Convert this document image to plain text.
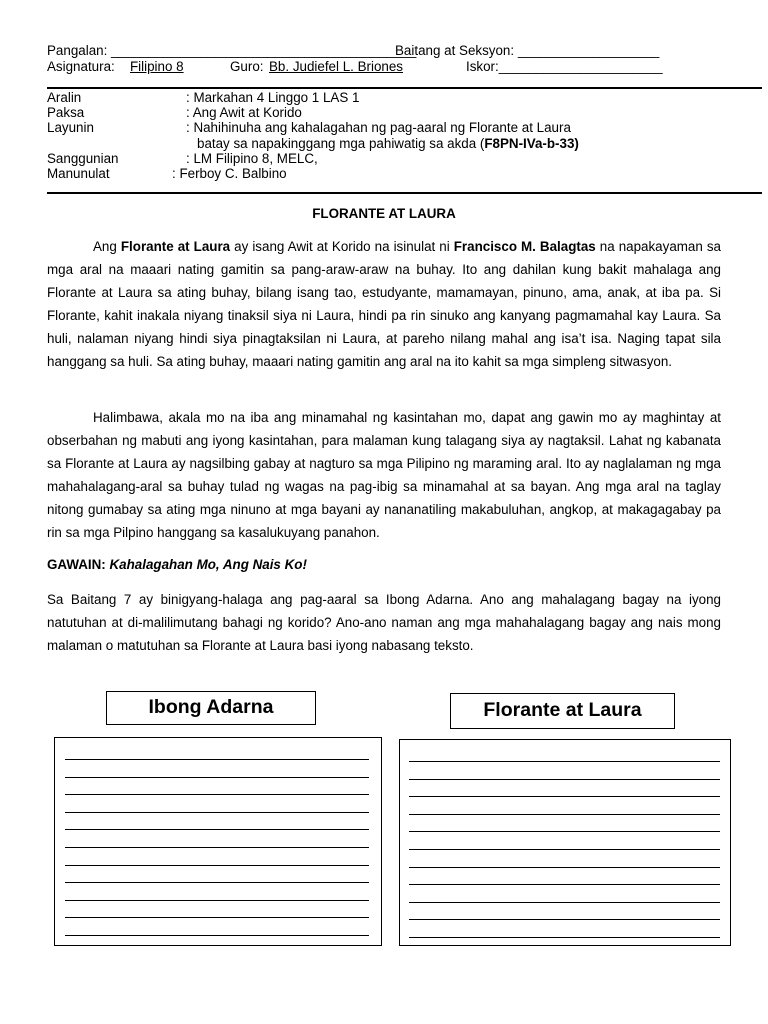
Pangalan: _________________________________________
Baitang at Seksyon: ___________________
Asignatura: Filipino 8	Guro: Bb. Judiefel L. Briones	Iskor:______________________
Aralin	: Markahan 4 Linggo 1 LAS 1
Paksa	: Ang Awit at Korido
Layunin	: Nahihinuha ang kahalagahan ng pag-aaral ng Florante at Laura
batay sa napakinggang mga pahiwatig sa akda (F8PN-IVa-b-33)
Sanggunian	: LM Filipino 8, MELC,
Manunulat	: Ferboy C. Balbino
FLORANTE AT LAURA

Ang Florante at Laura ay isang Awit at Korido na isinulat ni Francisco M. Balagtas na napakayaman sa mga aral na maaari nating gamitin sa pang-araw-araw na buhay. Ito ang dahilan kung bakit mahalaga ang Florante at Laura sa ating buhay, bilang isang tao, estudyante, mamamayan, pinuno, ama, anak, at iba pa. Si Florante, kahit inakala niyang tinaksil siya ni Laura, hindi pa rin sinuko ang kanyang pagmamahal kay Laura. Sa huli, nalaman niyang hindi siya pinagtaksilan ni Laura, at pareho nilang mahal ang isa’t isa. Naging tapat sila hanggang sa huli. Sa ating buhay, maaari nating gamitin ang aral na ito kahit sa mga simpleng sitwasyon.

Halimbawa, akala mo na iba ang minamahal ng kasintahan mo, dapat ang gawin mo ay maghintay at obserbahan ng mabuti ang iyong kasintahan, para malaman kung talagang siya ay nagtaksil. Lahat ng kabanata sa Florante at Laura ay nagsilbing gabay at nagturo sa mga Pilipino ng maraming aral. Ito ay naglalaman ng mga mahahalagang-aral sa buhay tulad ng wagas na pag-ibig sa minamahal at sa bayan. Ang mga aral na taglay nitong gumabay sa ating mga ninuno at mga bayani ay nananatiling makabuluhan, angkop, at makagagabay pa rin sa mga Pilpino hanggang sa kasalukuyang panahon.

GAWAIN: Kahalagahan Mo, Ang Nais Ko!

Sa Baitang 7 ay binigyang-halaga ang pag-aaral sa Ibong Adarna. Ano ang mahalagang bagay na iyong natutuhan at di-malilimutang bahagi ng korido? Ano-ano naman ang mga mahahalagang bagay ang nais mong malaman o matutuhan sa Florante at Laura basi iyong nabasang teksto.

Ibong Adarna	Florante at Laura
